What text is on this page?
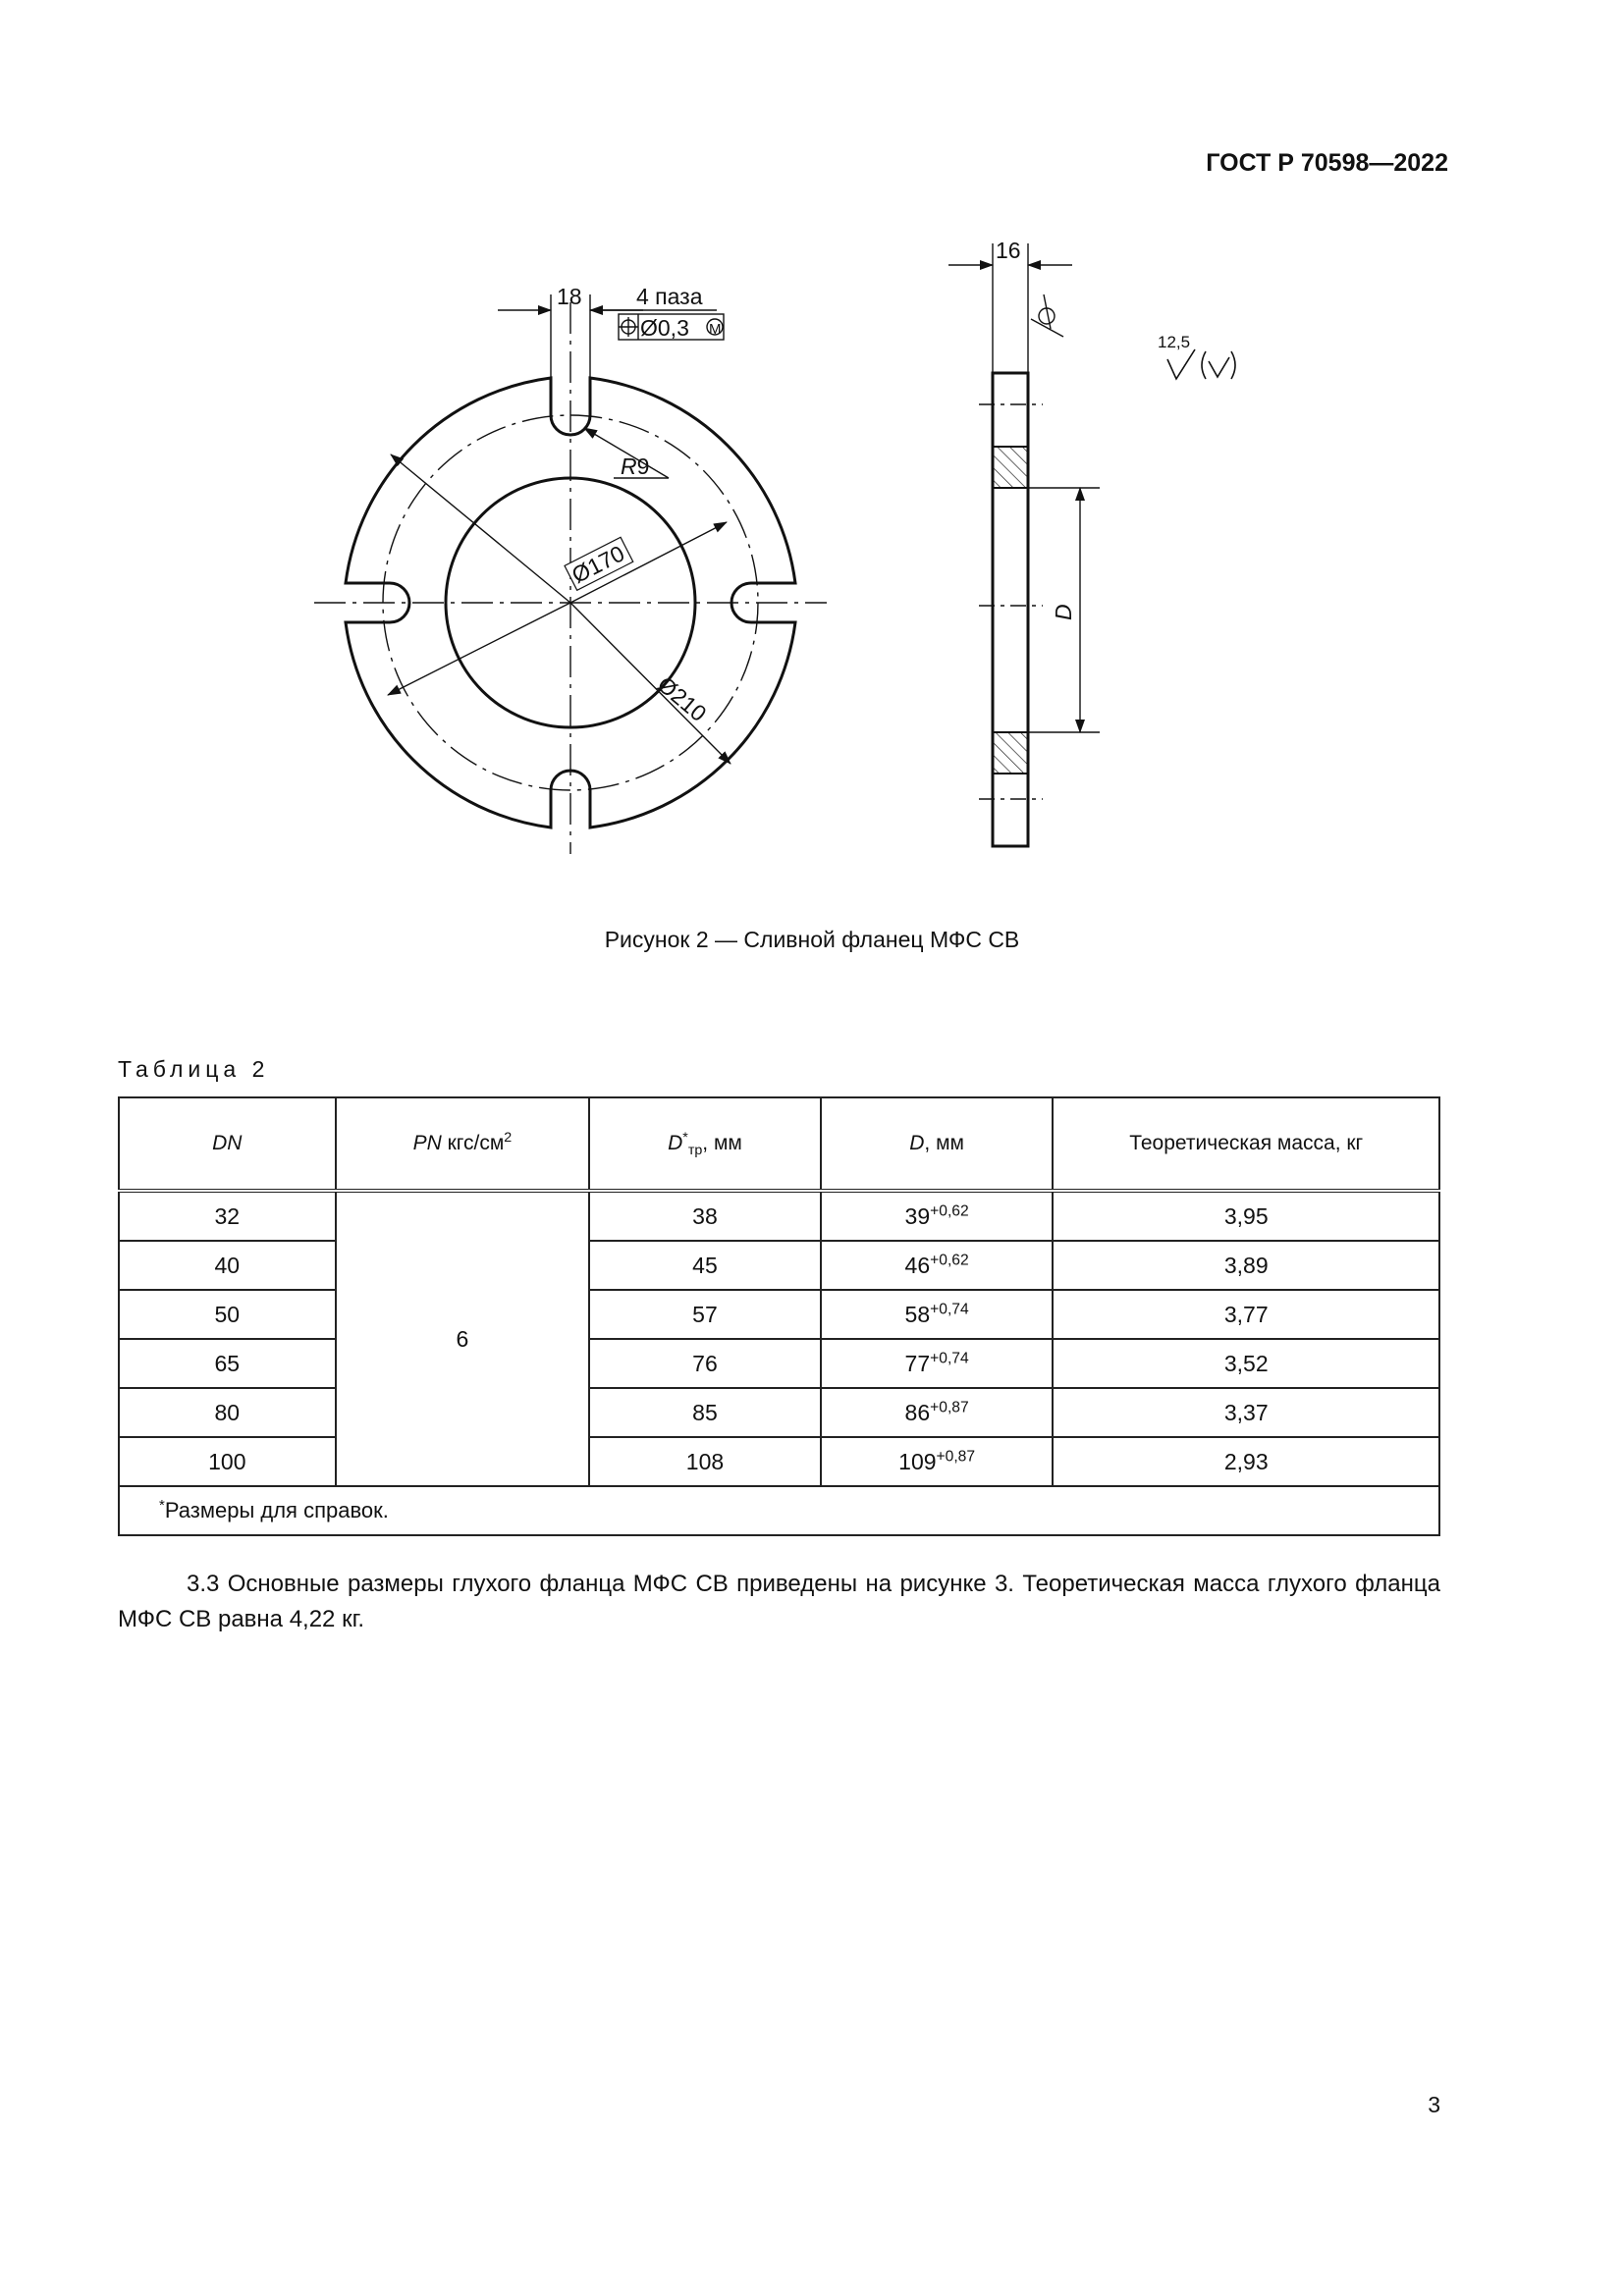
ГОСТ Р 70598—2022
18 4 паза
Ø0,3 M
R9
Ø170
Ø210
16
D
12,5
Рисунок 2 — Сливной фланец МФС СВ
Таблица 2
DN	PN кгс/$см^2$	$D^*_{тр}$, мм	D, мм	Теоретическая масса, кг
32	6	38	$39^{+0,62}$	3,95
40		45	$46^{+0,62}$	3,89
50		57	$58^{+0,74}$	3,77
65		76	$77^{+0,74}$	3,52
80		85	$86^{+0,87}$	3,37
100		108	$109^{+0,87}$	2,93
*Размеры для справок.				
3.3 Основные размеры глухого фланца МФС СВ приведены на рисунке 3. Теоретическая масса глухого фланца МФС СВ равна 4,22 кг.
3
